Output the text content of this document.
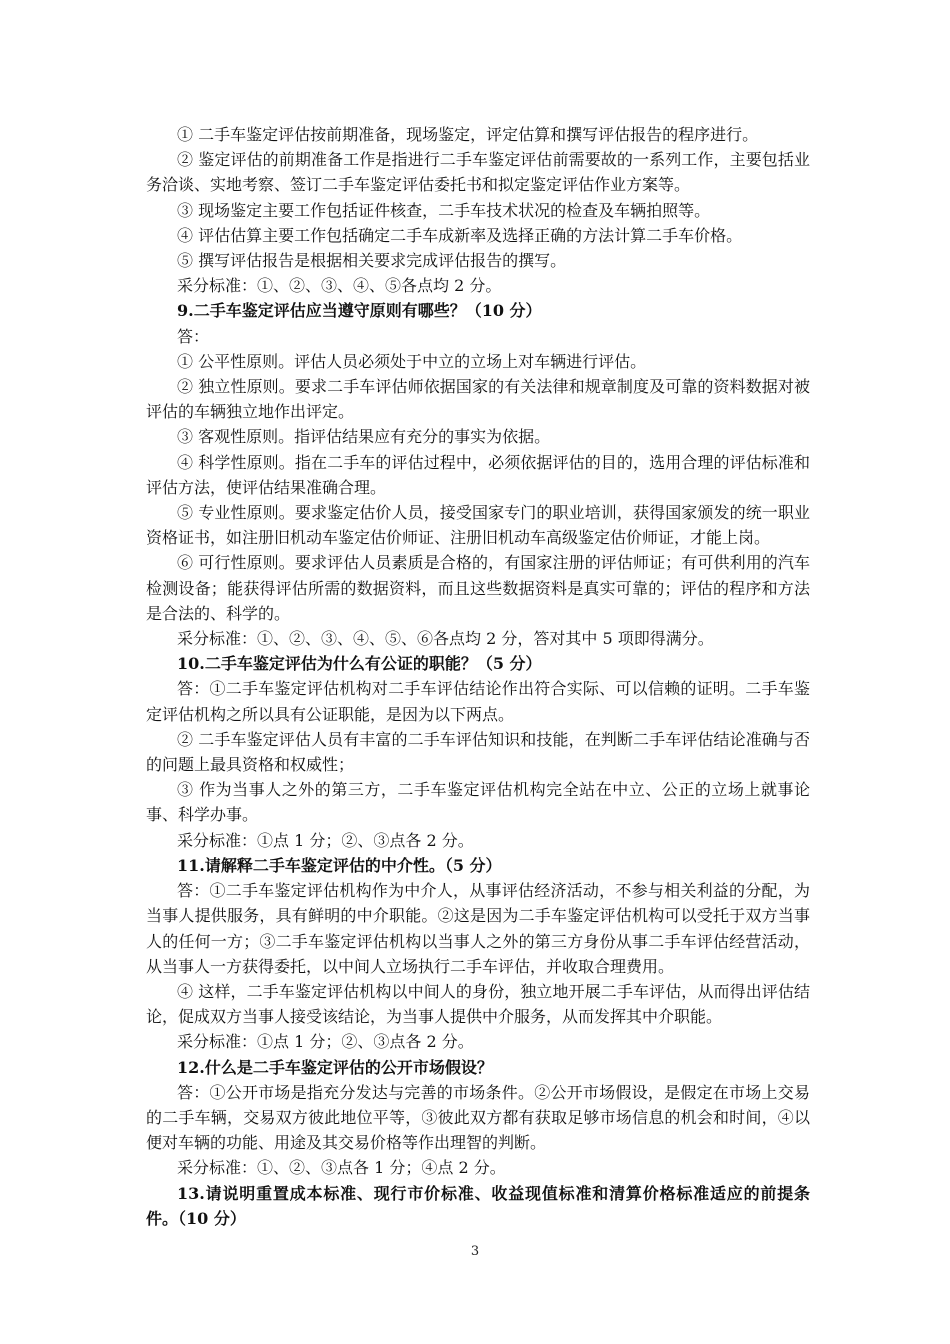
① 二手车鉴定评估按前期准备，现场鉴定，评定估算和撰写评估报告的程序进行。

② 鉴定评估的前期准备工作是指进行二手车鉴定评估前需要故的一系列工作，主要包括业务洽谈、实地考察、签订二手车鉴定评估委托书和拟定鉴定评估作业方案等。

③ 现场鉴定主要工作包括证件核查，二手车技术状况的检查及车辆拍照等。

④ 评估估算主要工作包括确定二手车成新率及选择正确的方法计算二手车价格。

⑤ 撰写评估报告是根据相关要求完成评估报告的撰写。

采分标准：①、②、③、④、⑤各点均 2 分。

9.二手车鉴定评估应当遵守原则有哪些？（10 分）

答：

① 公平性原则。评估人员必须处于中立的立场上对车辆进行评估。

② 独立性原则。要求二手车评估师依据国家的有关法律和规章制度及可靠的资料数据对被评估的车辆独立地作出评定。

③ 客观性原则。指评估结果应有充分的事实为依据。

④ 科学性原则。指在二手车的评估过程中，必须依据评估的目的，选用合理的评估标准和评估方法，使评估结果准确合理。

⑤ 专业性原则。要求鉴定估价人员，接受国家专门的职业培训，获得国家颁发的统一职业资格证书，如注册旧机动车鉴定估价师证、注册旧机动车高级鉴定估价师证，才能上岗。

⑥ 可行性原则。要求评估人员素质是合格的，有国家注册的评估师证；有可供利用的汽车检测设备；能获得评估所需的数据资料，而且这些数据资料是真实可靠的；评估的程序和方法是合法的、科学的。

采分标准：①、②、③、④、⑤、⑥各点均 2 分，答对其中 5 项即得满分。

10.二手车鉴定评估为什么有公证的职能？（5 分）

答：①二手车鉴定评估机构对二手车评估结论作出符合实际、可以信赖的证明。二手车鉴定评估机构之所以具有公证职能，是因为以下两点。

② 二手车鉴定评估人员有丰富的二手车评估知识和技能，在判断二手车评估结论准确与否的问题上最具资格和权威性；

③ 作为当事人之外的第三方，二手车鉴定评估机构完全站在中立、公正的立场上就事论事、科学办事。

采分标准：①点 1 分；②、③点各 2 分。

11.请解释二手车鉴定评估的中介性。（5 分）

答：①二手车鉴定评估机构作为中介人，从事评估经济活动，不参与相关利益的分配，为当事人提供服务，具有鲜明的中介职能。②这是因为二手车鉴定评估机构可以受托于双方当事人的任何一方；③二手车鉴定评估机构以当事人之外的第三方身份从事二手车评估经营活动，从当事人一方获得委托，以中间人立场执行二手车评估，并收取合理费用。

④ 这样，二手车鉴定评估机构以中间人的身份，独立地开展二手车评估，从而得出评估结论，促成双方当事人接受该结论，为当事人提供中介服务，从而发挥其中介职能。

采分标准：①点 1 分；②、③点各 2 分。

12.什么是二手车鉴定评估的公开市场假设？

答：①公开市场是指充分发达与完善的市场条件。②公开市场假设，是假定在市场上交易的二手车辆，交易双方彼此地位平等，③彼此双方都有获取足够市场信息的机会和时间，④以便对车辆的功能、用途及其交易价格等作出理智的判断。

采分标准：①、②、③点各 1 分；④点 2 分。

13.请说明重置成本标准、现行市价标准、收益现值标准和清算价格标准适应的前提条件。（10 分）

3
